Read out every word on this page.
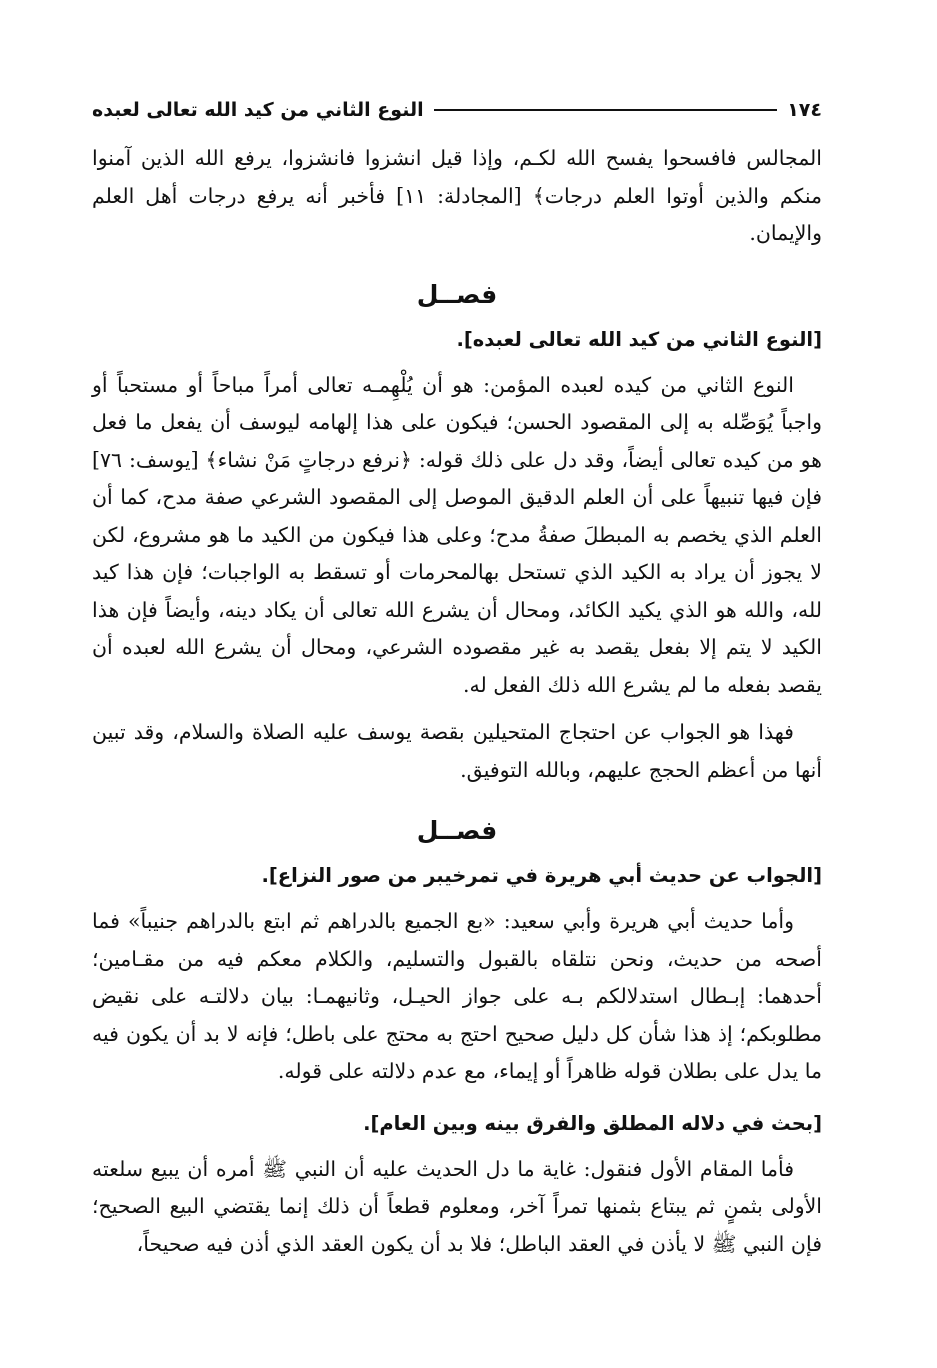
١٧٤
النوع الثاني من كيد الله تعالى لعبده

المجالس فافسحوا يفسح الله لكـم، وإذا قيل انشزوا فانشزوا، يرفع الله الذين آمنوا منكم والذين أوتوا العلم درجات﴾ [المجادلة: ١١] فأخبر أنه يرفع درجات أهل العلم والإيمان.

فصــل
[النوع الثاني من كيد الله تعالى لعبده].

النوع الثاني من كيده لعبده المؤمن: هو أن يُلْهِمـه تعالى أمراً مباحاً أو مستحباً أو واجباً يُوَصِّله به إلى المقصود الحسن؛ فيكون على هذا إلهامه ليوسف أن يفعل ما فعل هو من كيده تعالى أيضاً، وقد دل على ذلك قوله: ﴿نرفع درجاتٍ مَنْ نشاء﴾ [يوسف: ٧٦] فإن فيها تنبيهاً على أن العلم الدقيق الموصل إلى المقصود الشرعي صفة مدح، كما أن العلم الذي يخصم به المبطلَ صفةُ مدح؛ وعلى هذا فيكون من الكيد ما هو مشروع، لكن لا يجوز أن يراد به الكيد الذي تستحل بهالمحرمات أو تسقط به الواجبات؛ فإن هذا كيد لله، والله هو الذي يكيد الكائد، ومحال أن يشرع الله تعالى أن يكاد دينه، وأيضاً فإن هذا الكيد لا يتم إلا بفعل يقصد به غير مقصوده الشرعي، ومحال أن يشرع الله لعبده أن يقصد بفعله ما لم يشرع الله ذلك الفعل له.

فهذا هو الجواب عن احتجاج المتحيلين بقصة يوسف عليه الصلاة والسلام، وقد تبين أنها من أعظم الحجج عليهم، وبالله التوفيق.

فصــل
[الجواب عن حديث أبي هريرة في تمرخيبر من صور النزاع].

وأما حديث أبي هريرة وأبي سعيد: «بع الجميع بالدراهم ثم ابتع بالدراهم جنيباً» فما أصحه من حديث، ونحن نتلقاه بالقبول والتسليم، والكلام معكم فيه من مقـامين؛ أحدهما: إبـطال استدلالكم بـه على جواز الحيـل، وثانيهمـا: بيان دلالتـه على نقيض مطلوبكم؛ إذ هذا شأن كل دليل صحيح احتج به محتج على باطل؛ فإنه لا بد أن يكون فيه ما يدل على بطلان قوله ظاهراً أو إيماء، مع عدم دلالته على قوله.

[بحث في دلاله المطلق والفرق بينه وبين العام].

فأما المقام الأول فنقول: غاية ما دل الحديث عليه أن النبي ﷺ أمره أن يبيع سلعته الأولى بثمنٍ ثم يبتاع بثمنها تمراً آخر، ومعلوم قطعاً أن ذلك إنما يقتضي البيع الصحيح؛ فإن النبي ﷺ لا يأذن في العقد الباطل؛ فلا بد أن يكون العقد الذي أذن فيه صحيحاً،
